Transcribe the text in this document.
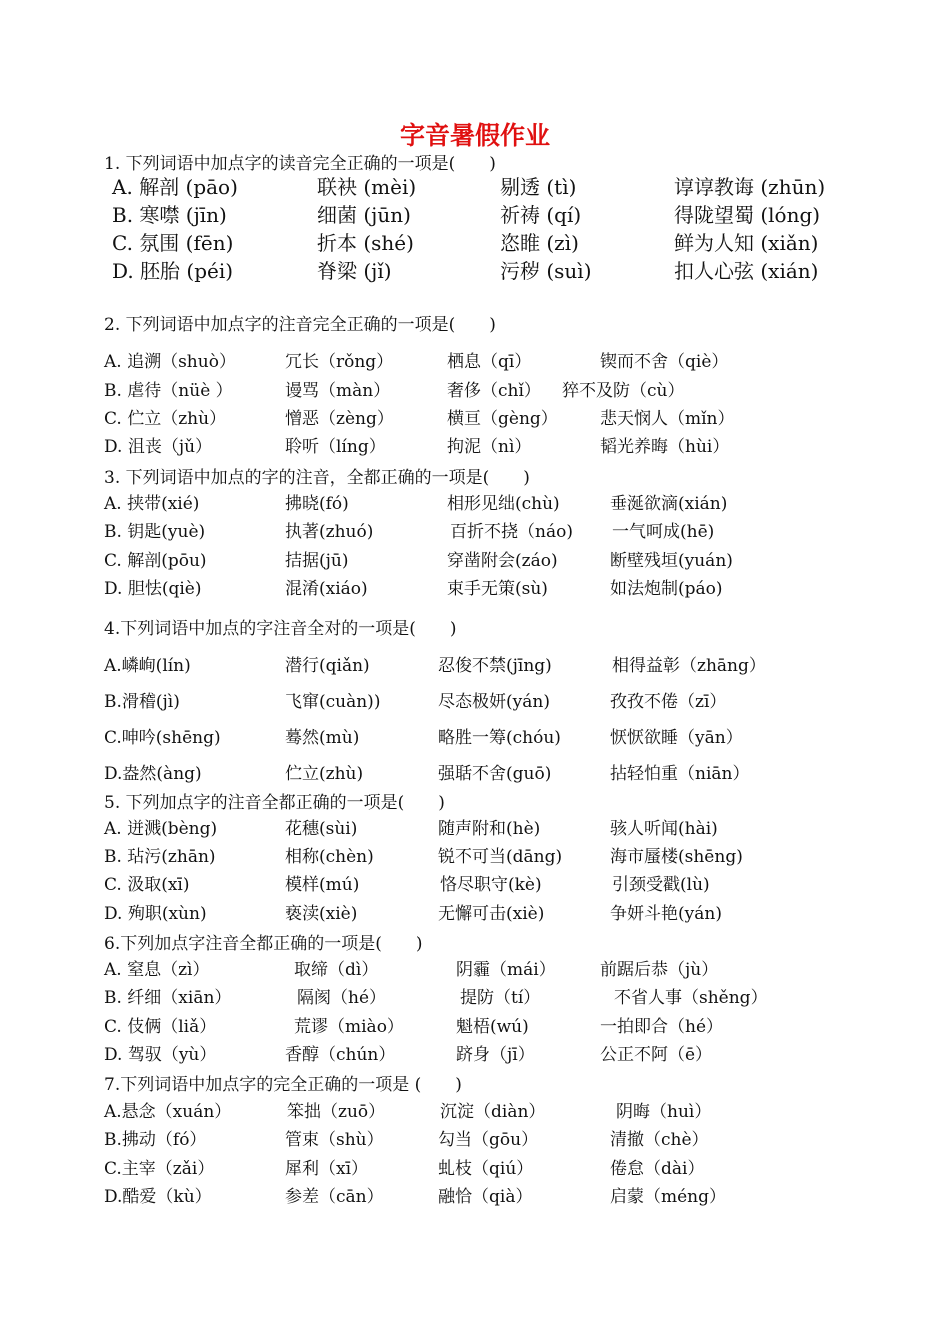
字音暑假作业
1. 下列词语中加点字的读音完全正确的一项是(　　)
A. 解剖 (pāo)	联袂 (mèi)	剔透 (tì)	谆谆教诲 (zhūn)
B. 寒噤 (jīn)	细菌 (jūn)	祈祷 (qí)	得陇望蜀 (lóng)
C. 氛围 (fēn)	折本 (shé)	恣睢 (zì)	鲜为人知 (xiǎn)
D. 胚胎 (péi)	脊梁 (jǐ)	污秽 (suì)	扣人心弦 (xián)
2. 下列词语中加点字的注音完全正确的一项是(　　)
A. 追溯（shuò）	冗长（rǒng）	栖息（qī）	锲而不舍（qiè）
B. 虐待（nüè ）	谩骂（màn）	奢侈（chǐ） 猝不及防（cù）
C. 伫立（zhù）	憎恶（zèng）	横亘（gèng） 悲天悯人（mǐn）
D. 沮丧（jǔ）	聆听（líng）	拘泥（nì）	韬光养晦（hùi）
3. 下列词语中加点的字的注音，全都正确的一项是(　　)
A. 挟带(xié)	拂晓(fó)	相形见绌(chù)	垂涎欲滴(xián)
B. 钥匙(yuè)	执著(zhuó)	百折不挠（náo) 一气呵成(hē)
C. 解剖(pōu)	拮据(jū)	穿凿附会(záo)	断壁残垣(yuán)
D. 胆怯(qiè)	混淆(xiáo)	束手无策(sù)	如法炮制(páo)
4.下列词语中加点的字注音全对的一项是(　　)
A.嶙峋(lín)	潜行(qiǎn)	忍俊不禁(jīng)	相得益彰（zhāng）
B.滑稽(jì)	飞窜(cuàn))	尽态极妍(yán)	孜孜不倦（zī）
C.呻吟(shēng)	蓦然(mù)	略胜一筹(chóu)	恹恹欲睡（yān）
D.盎然(àng)	伫立(zhù)	强聒不舍(guō)	拈轻怕重（niān）
5. 下列加点字的注音全都正确的一项是(　　)
A. 迸溅(bèng)	花穗(sùi)	随声附和(hè)	骇人听闻(hài)
B. 玷污(zhān)	相称(chèn)	锐不可当(dāng)	海市蜃楼(shēng)
C. 汲取(xī)	模样(mú)	恪尽职守(kè)	引颈受戳(lù)
D. 殉职(xùn)	亵渎(xiè)	无懈可击(xiè)	争妍斗艳(yán)
6.下列加点字注音全都正确的一项是(　　)
A. 窒息（zì）	取缔（dì）	阴霾（mái）	前踞后恭（jù）
B. 纤细（xiān）	隔阂（hé）	提防（tí）	不省人事（shěng）
C. 伎俩（liǎ）	荒谬（miào）	魁梧(wú)	一拍即合（hé）
D. 驾驭（yù）	香醇（chún）	跻身（jī）	公正不阿（ē）
7.下列词语中加点字的完全正确的一项是 (　　)
A.悬念（xuán）	笨拙（zuō）	沉淀（diàn）	阴晦（huì）
B.拂动（fó）	管束（shù）	勾当（gōu）	清撤（chè）
C.主宰（zǎi）	犀利（xī）	虬枝（qiú）	倦怠（dài）
D.酷爱（kù）	参差（cān）	融恰（qià）	启蒙（méng）
